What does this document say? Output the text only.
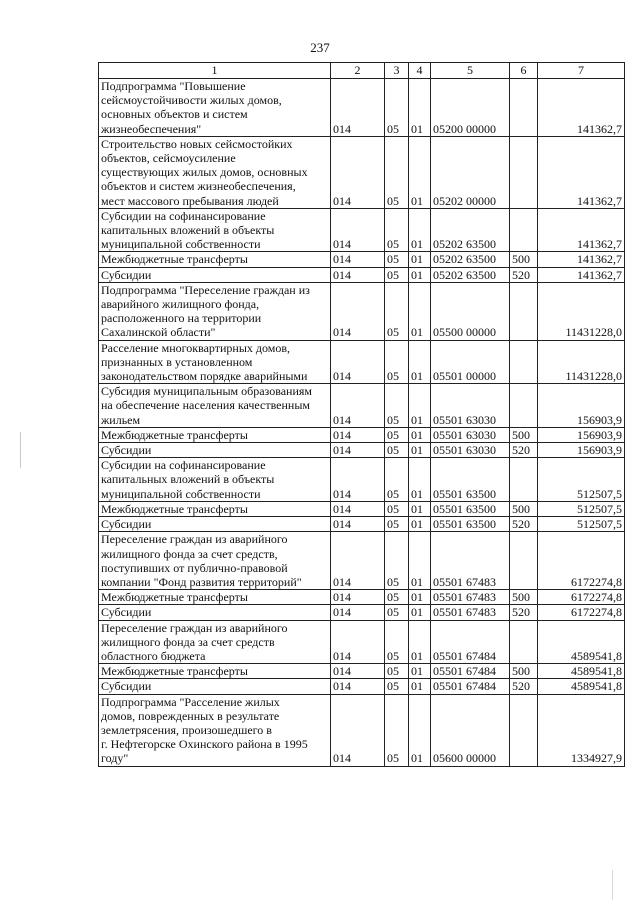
237
1	2	3	4	5	6	7
Подпрограмма "Повышение
сейсмоустойчивости жилых домов,
основных объектов и систем
жизнеобеспечения"	014	05	01	05200 00000		141362,7
Строительство новых сейсмостойких
объектов, сейсмоусиление
существующих жилых домов, основных
объектов и систем жизнеобеспечения,
мест массового пребывания людей	014	05	01	05202 00000		141362,7
Субсидии на софинансирование
капитальных вложений в объекты
муниципальной собственности	014	05	01	05202 63500		141362,7
Межбюджетные трансферты	014	05	01	05202 63500	500	141362,7
Субсидии	014	05	01	05202 63500	520	141362,7
Подпрограмма "Переселение граждан из
аварийного жилищного фонда,
расположенного на территории
Сахалинской области"	014	05	01	05500 00000		11431228,0
Расселение многоквартирных домов,
признанных в установленном
законодательством порядке аварийными	014	05	01	05501 00000		11431228,0
Субсидия муниципальным образованиям
на обеспечение населения качественным
жильем	014	05	01	05501 63030		156903,9
Межбюджетные трансферты	014	05	01	05501 63030	500	156903,9
Субсидии	014	05	01	05501 63030	520	156903,9
Субсидии на софинансирование
капитальных вложений в объекты
муниципальной собственности	014	05	01	05501 63500		512507,5
Межбюджетные трансферты	014	05	01	05501 63500	500	512507,5
Субсидии	014	05	01	05501 63500	520	512507,5
Переселение граждан из аварийного
жилищного фонда за счет средств,
поступивших от публично-правовой
компании "Фонд развития территорий"	014	05	01	05501 67483		6172274,8
Межбюджетные трансферты	014	05	01	05501 67483	500	6172274,8
Субсидии	014	05	01	05501 67483	520	6172274,8
Переселение граждан из аварийного
жилищного фонда за счет средств
областного бюджета	014	05	01	05501 67484		4589541,8
Межбюджетные трансферты	014	05	01	05501 67484	500	4589541,8
Субсидии	014	05	01	05501 67484	520	4589541,8
Подпрограмма "Расселение жилых
домов, поврежденных в результате
землетрясения, произошедшего в
г. Нефтегорске Охинского района в 1995
году"	014	05	01	05600 00000		1334927,9
